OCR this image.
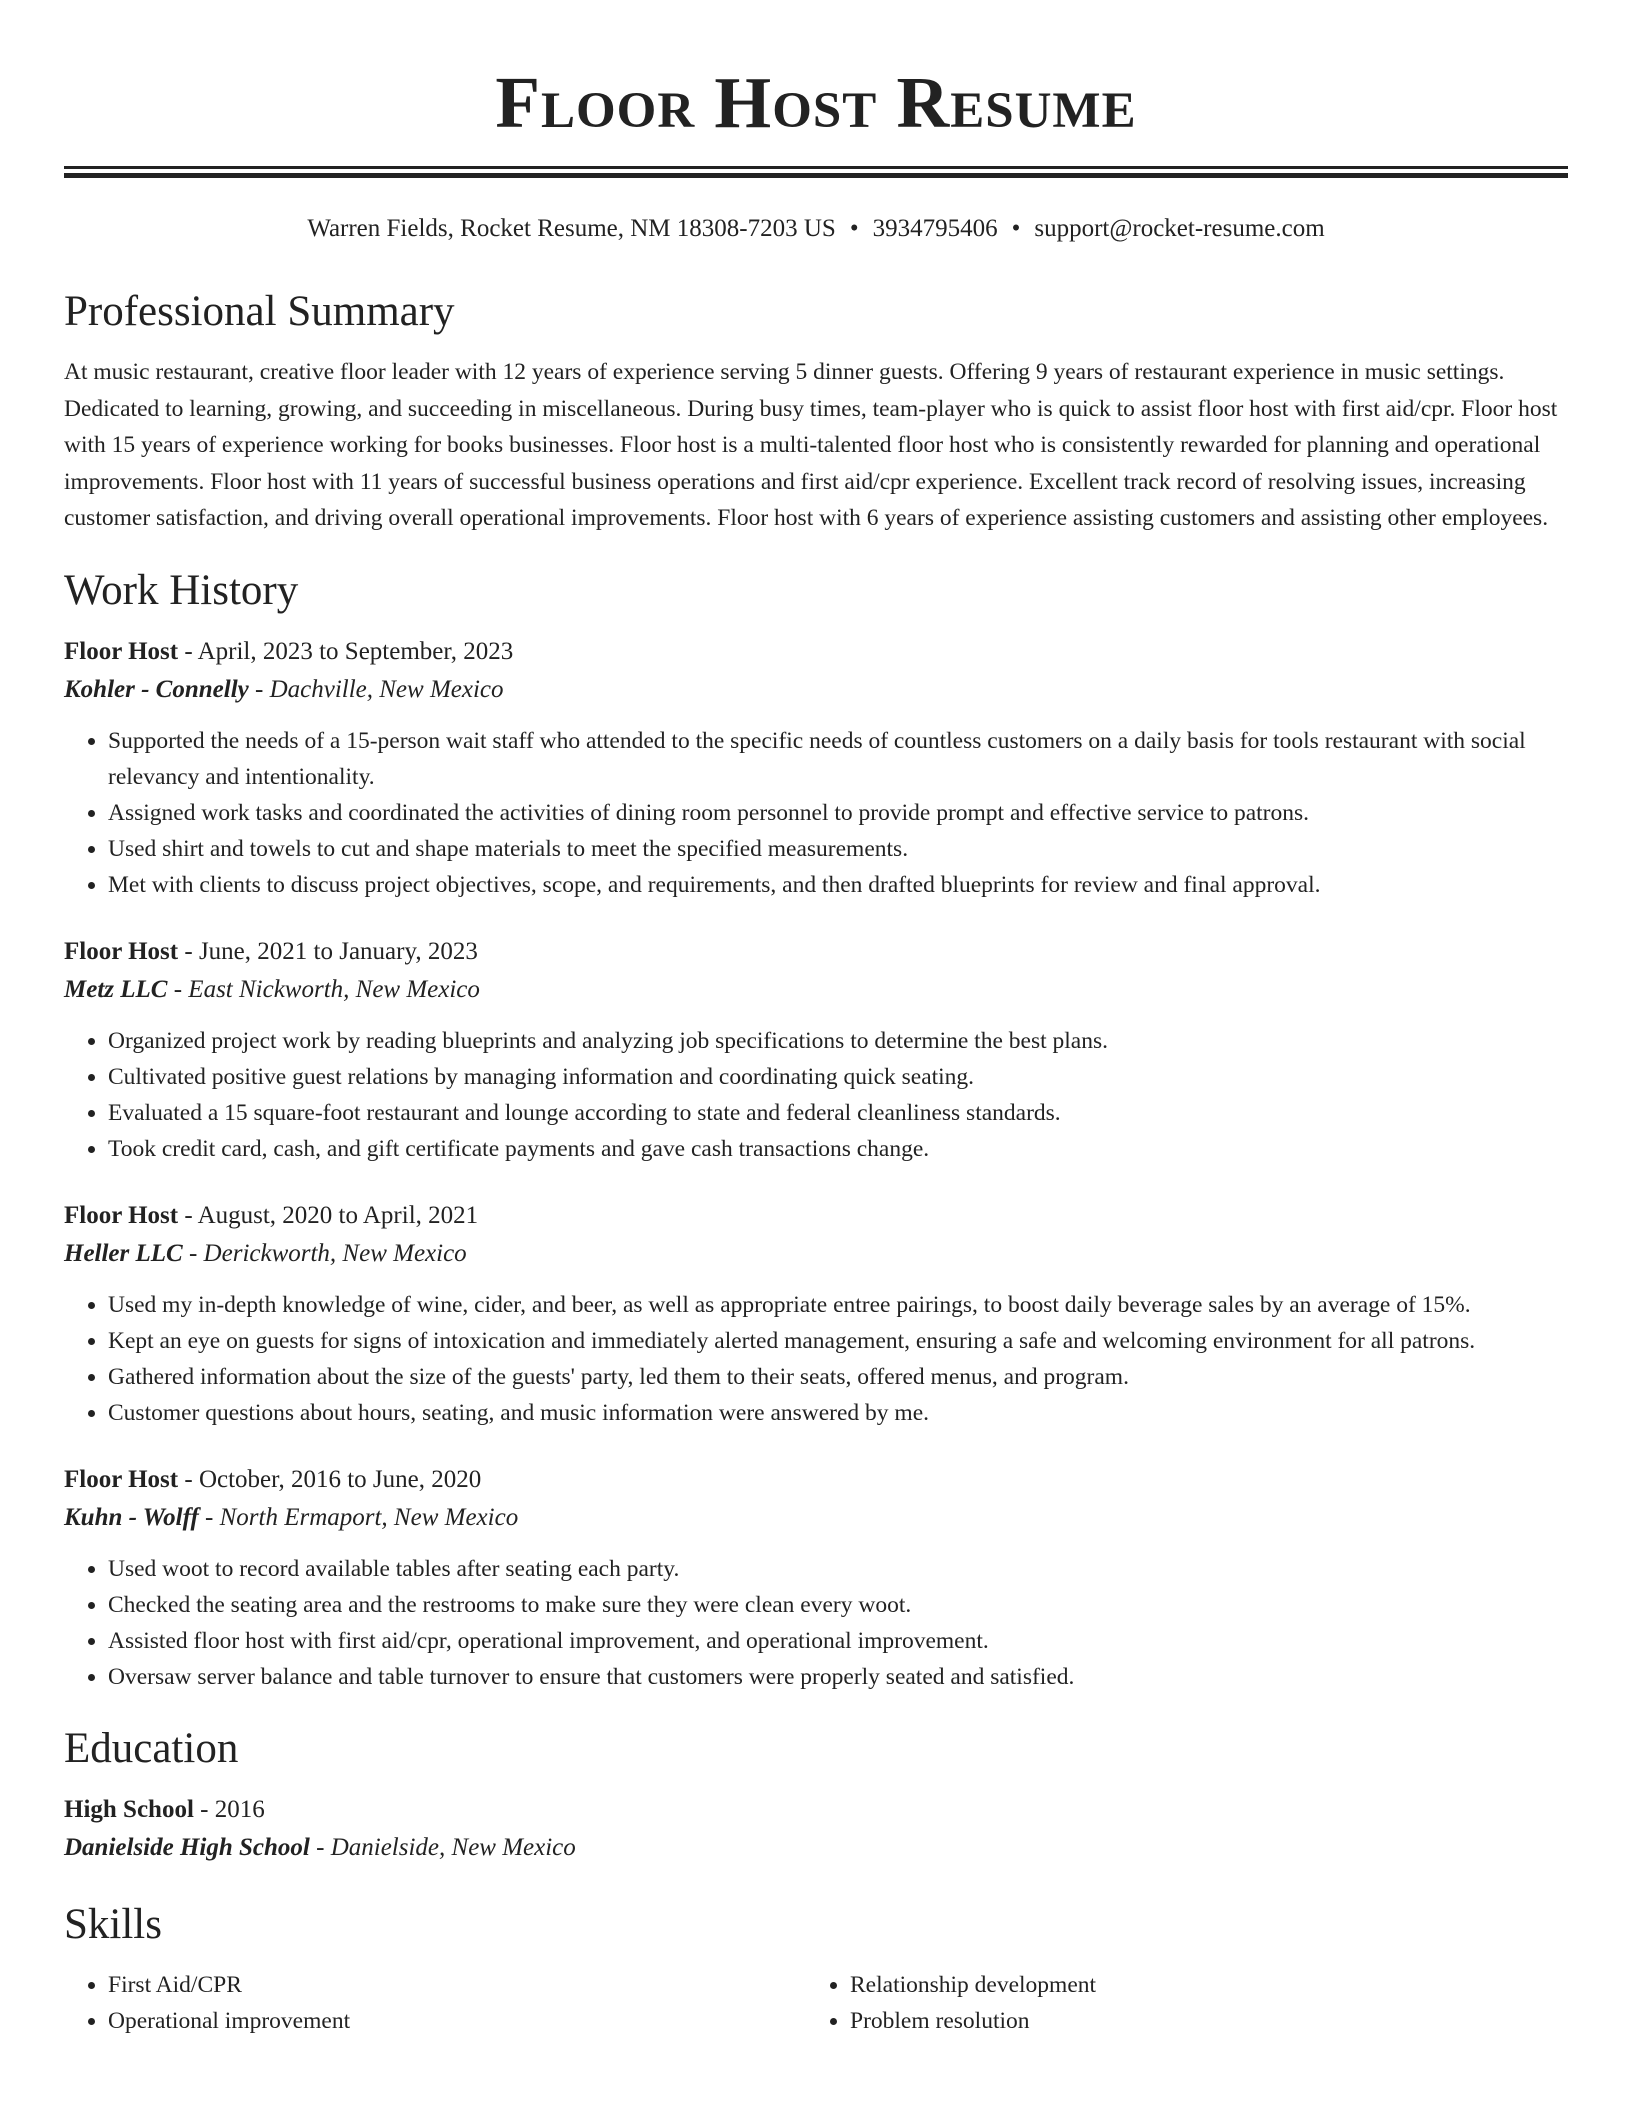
Floor Host Resume
Warren Fields, Rocket Resume, NM 18308-7203 US • 3934795406 • support@rocket-resume.com
Professional Summary
At music restaurant, creative floor leader with 12 years of experience serving 5 dinner guests. Offering 9 years of restaurant experience in music settings. Dedicated to learning, growing, and succeeding in miscellaneous. During busy times, team-player who is quick to assist floor host with first aid/cpr. Floor host with 15 years of experience working for books businesses. Floor host is a multi-talented floor host who is consistently rewarded for planning and operational improvements. Floor host with 11 years of successful business operations and first aid/cpr experience. Excellent track record of resolving issues, increasing customer satisfaction, and driving overall operational improvements. Floor host with 6 years of experience assisting customers and assisting other employees.
Work History
Floor Host - April, 2023 to September, 2023
Kohler - Connelly - Dachville, New Mexico
• Supported the needs of a 15-person wait staff who attended to the specific needs of countless customers on a daily basis for tools restaurant with social relevancy and intentionality.
• Assigned work tasks and coordinated the activities of dining room personnel to provide prompt and effective service to patrons.
• Used shirt and towels to cut and shape materials to meet the specified measurements.
• Met with clients to discuss project objectives, scope, and requirements, and then drafted blueprints for review and final approval.
Floor Host - June, 2021 to January, 2023
Metz LLC - East Nickworth, New Mexico
• Organized project work by reading blueprints and analyzing job specifications to determine the best plans.
• Cultivated positive guest relations by managing information and coordinating quick seating.
• Evaluated a 15 square-foot restaurant and lounge according to state and federal cleanliness standards.
• Took credit card, cash, and gift certificate payments and gave cash transactions change.
Floor Host - August, 2020 to April, 2021
Heller LLC - Derickworth, New Mexico
• Used my in-depth knowledge of wine, cider, and beer, as well as appropriate entree pairings, to boost daily beverage sales by an average of 15%.
• Kept an eye on guests for signs of intoxication and immediately alerted management, ensuring a safe and welcoming environment for all patrons.
• Gathered information about the size of the guests' party, led them to their seats, offered menus, and program.
• Customer questions about hours, seating, and music information were answered by me.
Floor Host - October, 2016 to June, 2020
Kuhn - Wolff - North Ermaport, New Mexico
• Used woot to record available tables after seating each party.
• Checked the seating area and the restrooms to make sure they were clean every woot.
• Assisted floor host with first aid/cpr, operational improvement, and operational improvement.
• Oversaw server balance and table turnover to ensure that customers were properly seated and satisfied.
Education
High School - 2016
Danielside High School - Danielside, New Mexico
Skills
• First Aid/CPR
• Operational improvement
• Relationship development
• Problem resolution
